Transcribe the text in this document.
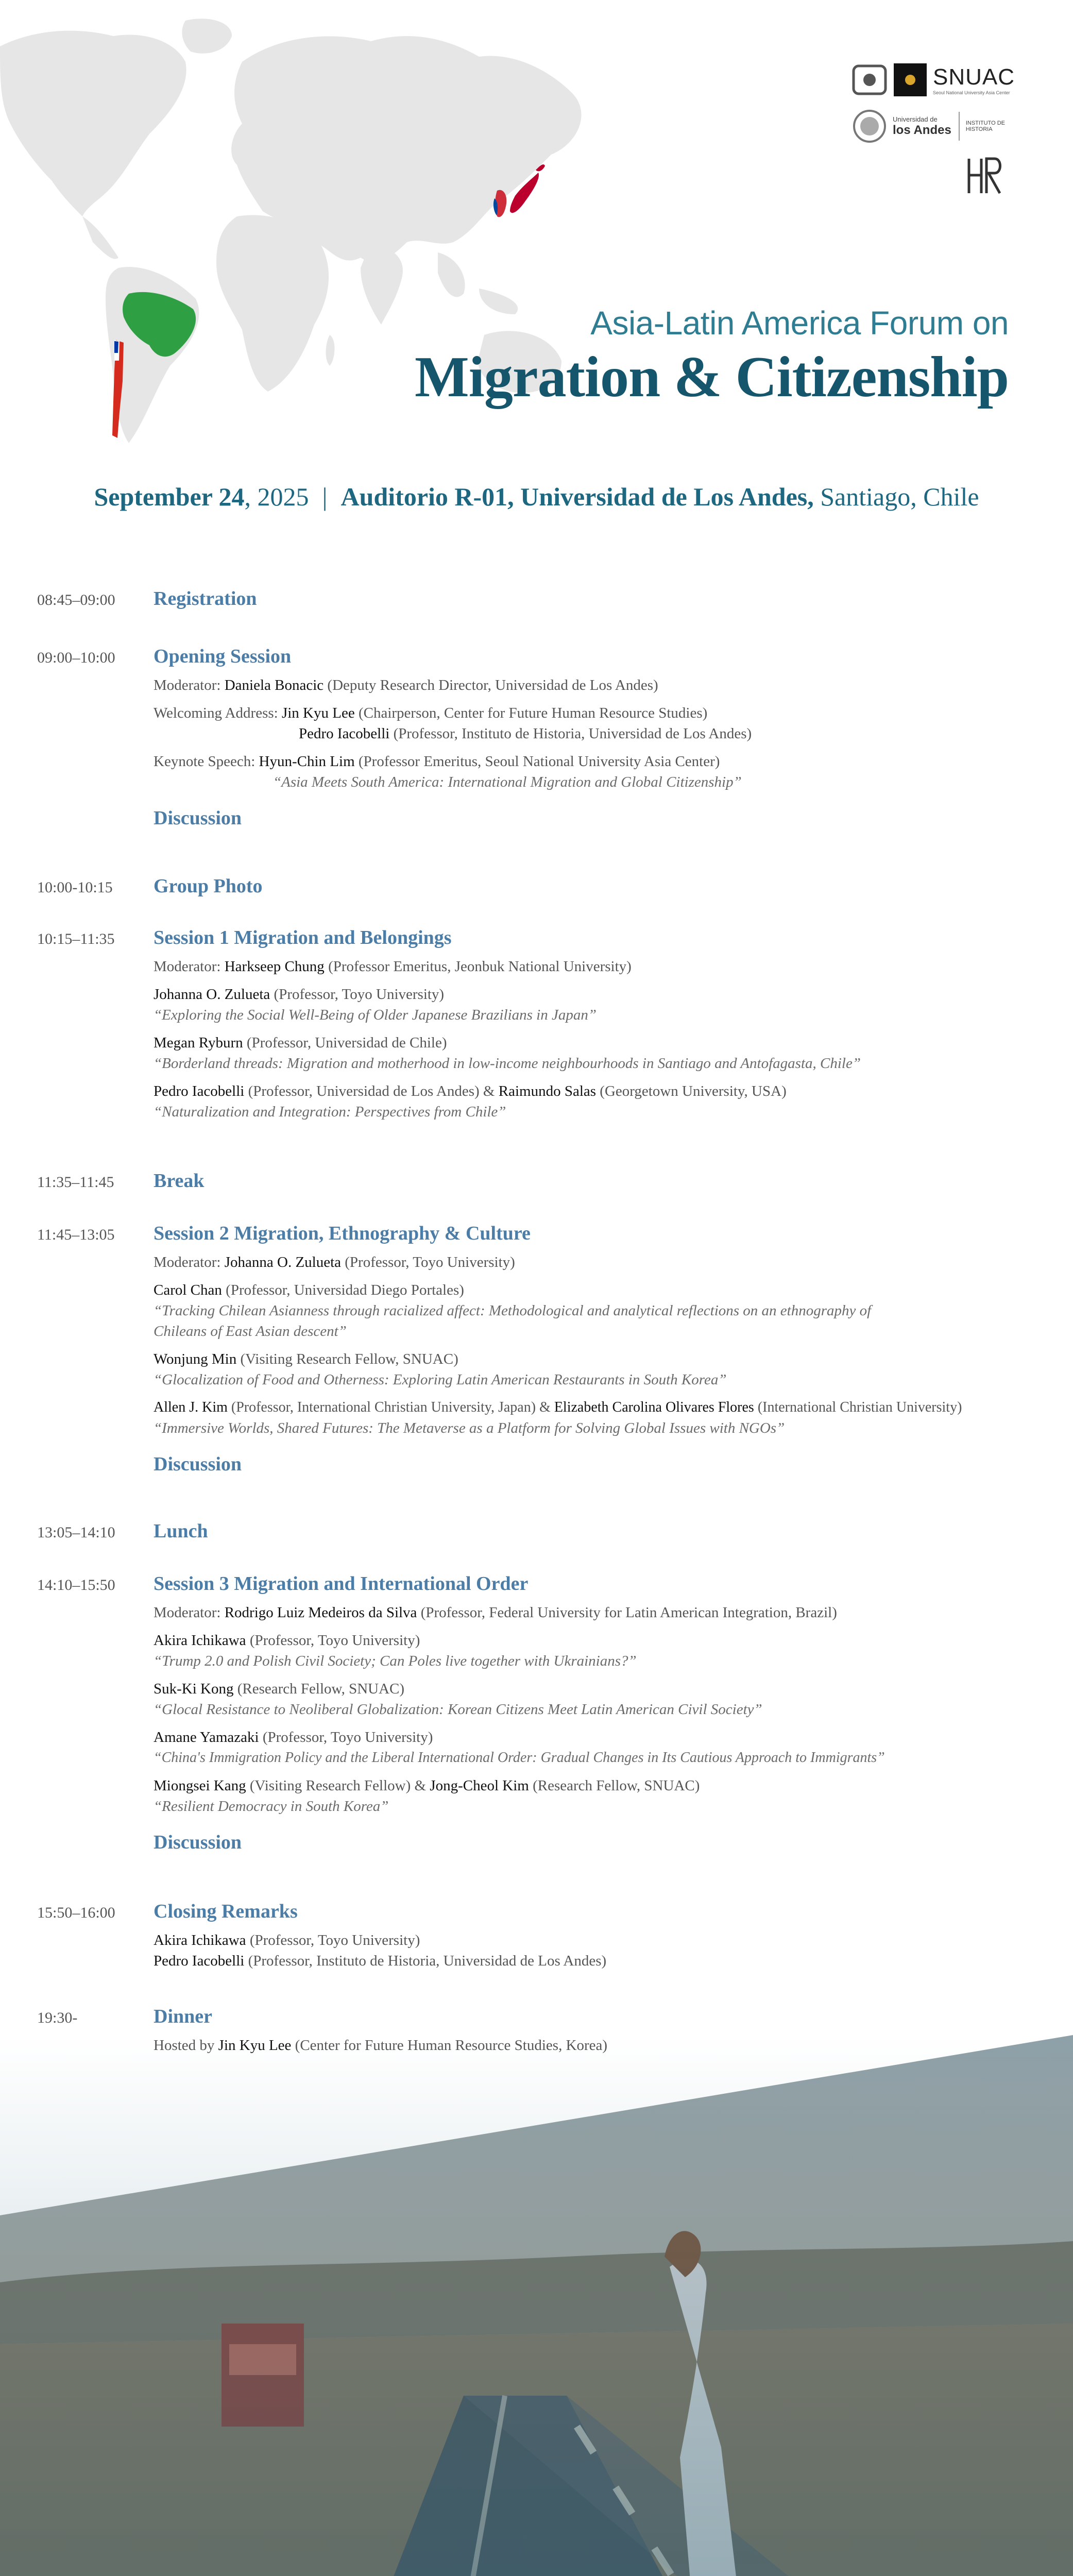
SNUAC
Seoul National University Asia Center
Universidad de
los Andes	INSTITUTO DE
HISTORIA
Asia-Latin America Forum on
Migration & Citizenship
September 24, 2025 | Auditorio R-01, Universidad de Los Andes, Santiago, Chile
08:45–09:00	Registration
09:00–10:00	Opening Session
Moderator: Daniela Bonacic (Deputy Research Director, Universidad de Los Andes)
Welcoming Address: Jin Kyu Lee (Chairperson, Center for Future Human Resource Studies)
Pedro Iacobelli (Professor, Instituto de Historia, Universidad de Los Andes)
Keynote Speech: Hyun-Chin Lim (Professor Emeritus, Seoul National University Asia Center)
“Asia Meets South America: International Migration and Global Citizenship”
Discussion
10:00-10:15	Group Photo
10:15–11:35	Session 1 Migration and Belongings
Moderator: Harkseep Chung (Professor Emeritus, Jeonbuk National University)
Johanna O. Zulueta (Professor, Toyo University)
“Exploring the Social Well-Being of Older Japanese Brazilians in Japan”
Megan Ryburn (Professor, Universidad de Chile)
“Borderland threads: Migration and motherhood in low-income neighbourhoods in Santiago and Antofagasta, Chile”
Pedro Iacobelli (Professor, Universidad de Los Andes) & Raimundo Salas (Georgetown University, USA)
“Naturalization and Integration: Perspectives from Chile”
11:35–11:45	Break
11:45–13:05	Session 2 Migration, Ethnography & Culture
Moderator: Johanna O. Zulueta (Professor, Toyo University)
Carol Chan (Professor, Universidad Diego Portales)
“Tracking Chilean Asianness through racialized affect: Methodological and analytical reflections on an ethnography of
Chileans of East Asian descent”
Wonjung Min (Visiting Research Fellow, SNUAC)
“Glocalization of Food and Otherness: Exploring Latin American Restaurants in South Korea”
Allen J. Kim (Professor, International Christian University, Japan) & Elizabeth Carolina Olivares Flores (International Christian University)
“Immersive Worlds, Shared Futures: The Metaverse as a Platform for Solving Global Issues with NGOs”
Discussion
13:05–14:10	Lunch
14:10–15:50	Session 3 Migration and International Order
Moderator: Rodrigo Luiz Medeiros da Silva (Professor, Federal University for Latin American Integration, Brazil)
Akira Ichikawa (Professor, Toyo University)
“Trump 2.0 and Polish Civil Society; Can Poles live together with Ukrainians?”
Suk-Ki Kong (Research Fellow, SNUAC)
“Glocal Resistance to Neoliberal Globalization: Korean Citizens Meet Latin American Civil Society”
Amane Yamazaki (Professor, Toyo University)
“China's Immigration Policy and the Liberal International Order: Gradual Changes in Its Cautious Approach to Immigrants”
Miongsei Kang (Visiting Research Fellow) & Jong-Cheol Kim (Research Fellow, SNUAC)
“Resilient Democracy in South Korea”
Discussion
15:50–16:00	Closing Remarks
Akira Ichikawa (Professor, Toyo University)
Pedro Iacobelli (Professor, Instituto de Historia, Universidad de Los Andes)
19:30-	Dinner
